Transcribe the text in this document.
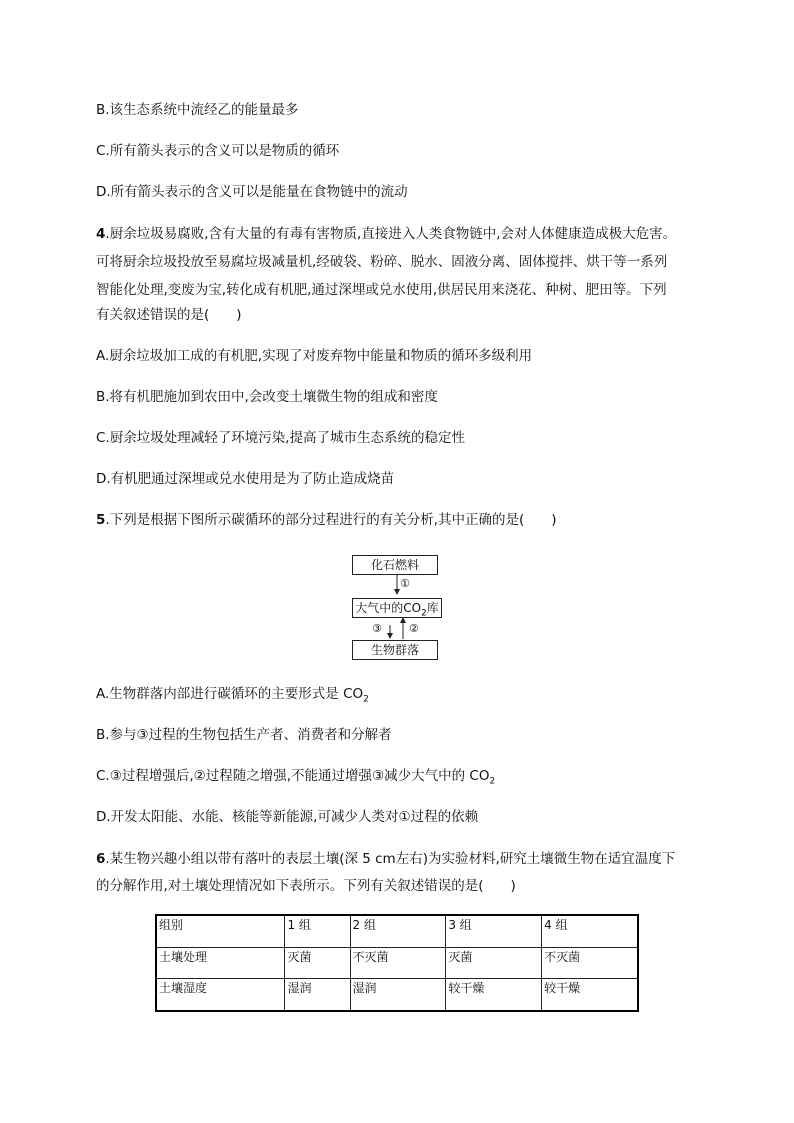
B.该生态系统中流经乙的能量最多
C.所有箭头表示的含义可以是物质的循环
D.所有箭头表示的含义可以是能量在食物链中的流动
4.厨余垃圾易腐败,含有大量的有毒有害物质,直接进入人类食物链中,会对人体健康造成极大危害。
可将厨余垃圾投放至易腐垃圾减量机,经破袋、粉碎、脱水、固液分离、固体搅拌、烘干等一系列
智能化处理,变废为宝,转化成有机肥,通过深埋或兑水使用,供居民用来浇花、种树、肥田等。下列
有关叙述错误的是(　　)
A.厨余垃圾加工成的有机肥,实现了对废弃物中能量和物质的循环多级利用
B.将有机肥施加到农田中,会改变土壤微生物的组成和密度
C.厨余垃圾处理减轻了环境污染,提高了城市生态系统的稳定性
D.有机肥通过深埋或兑水使用是为了防止造成烧苗
5.下列是根据下图所示碳循环的部分过程进行的有关分析,其中正确的是(　　)
化石燃料
大气中的$CO_2$库
生物群落
①
③ ②
A.生物群落内部进行碳循环的主要形式是 $CO_2$
B.参与③过程的生物包括生产者、消费者和分解者
C.③过程增强后,②过程随之增强,不能通过增强③减少大气中的 $CO_2$
D.开发太阳能、水能、核能等新能源,可减少人类对①过程的依赖
6.某生物兴趣小组以带有落叶的表层土壤(深 5 cm左右)为实验材料,研究土壤微生物在适宜温度下
的分解作用,对土壤处理情况如下表所示。下列有关叙述错误的是(　　)
组别	1 组	2 组	3 组	4 组
土壤处理	灭菌	不灭菌	灭菌	不灭菌
土壤湿度	湿润	湿润	较干燥	较干燥
